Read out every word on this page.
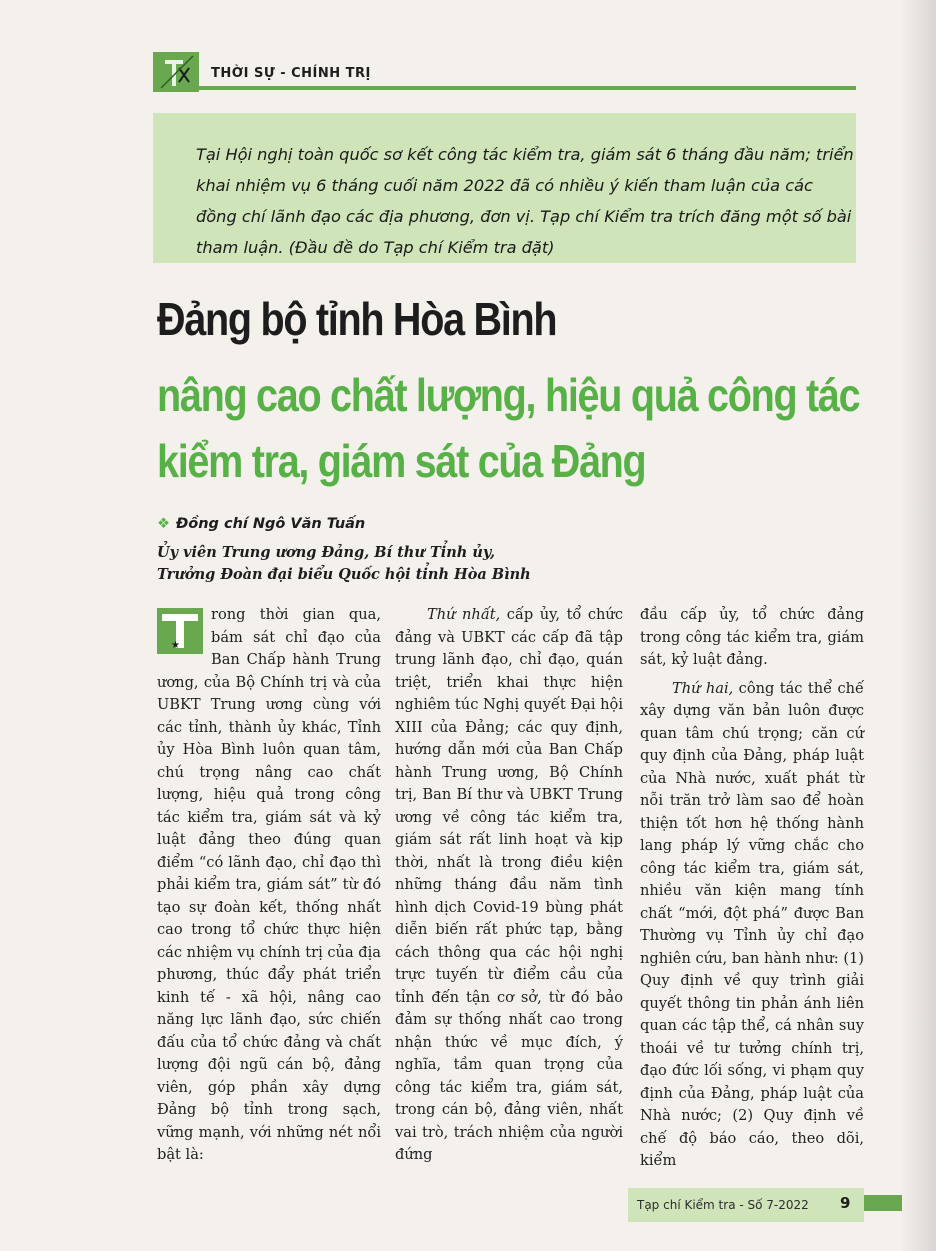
THỜI SỰ - CHÍNH TRỊ

Tại Hội nghị toàn quốc sơ kết công tác kiểm tra, giám sát 6 tháng đầu năm; triển khai nhiệm vụ 6 tháng cuối năm 2022 đã có nhiều ý kiến tham luận của các đồng chí lãnh đạo các địa phương, đơn vị. Tạp chí Kiểm tra trích đăng một số bài tham luận. (Đầu đề do Tạp chí Kiểm tra đặt)

Đảng bộ tỉnh Hòa Bình
nâng cao chất lượng, hiệu quả công tác
kiểm tra, giám sát của Đảng
❖ Đồng chí Ngô Văn Tuấn
Ủy viên Trung ương Đảng, Bí thư Tỉnh ủy,
Trưởng Đoàn đại biểu Quốc hội tỉnh Hòa Bình
★

rong thời gian qua, bám sát chỉ đạo của Ban Chấp hành Trung ương, của Bộ Chính trị và của UBKT Trung ương cùng với các tỉnh, thành ủy khác, Tỉnh ủy Hòa Bình luôn quan tâm, chú trọng nâng cao chất lượng, hiệu quả trong công tác kiểm tra, giám sát và kỷ luật đảng theo đúng quan điểm “có lãnh đạo, chỉ đạo thì phải kiểm tra, giám sát” từ đó tạo sự đoàn kết, thống nhất cao trong tổ chức thực hiện các nhiệm vụ chính trị của địa phương, thúc đẩy phát triển kinh tế - xã hội, nâng cao năng lực lãnh đạo, sức chiến đấu của tổ chức đảng và chất lượng đội ngũ cán bộ, đảng viên, góp phần xây dựng Đảng bộ tỉnh trong sạch, vững mạnh, với những nét nổi bật là:

Thứ nhất, cấp ủy, tổ chức đảng và UBKT các cấp đã tập trung lãnh đạo, chỉ đạo, quán triệt, triển khai thực hiện nghiêm túc Nghị quyết Đại hội XIII của Đảng; các quy định, hướng dẫn mới của Ban Chấp hành Trung ương, Bộ Chính trị, Ban Bí thư và UBKT Trung ương về công tác kiểm tra, giám sát rất linh hoạt và kịp thời, nhất là trong điều kiện những tháng đầu năm tình hình dịch Covid-19 bùng phát diễn biến rất phức tạp, bằng cách thông qua các hội nghị trực tuyến từ điểm cầu của tỉnh đến tận cơ sở, từ đó bảo đảm sự thống nhất cao trong nhận thức về mục đích, ý nghĩa, tầm quan trọng của công tác kiểm tra, giám sát, trong cán bộ, đảng viên, nhất vai trò, trách nhiệm của người đứng

đầu cấp ủy, tổ chức đảng trong công tác kiểm tra, giám sát, kỷ luật đảng.

Thứ hai, công tác thể chế xây dựng văn bản luôn được quan tâm chú trọng; căn cứ quy định của Đảng, pháp luật của Nhà nước, xuất phát từ nỗi trăn trở làm sao để hoàn thiện tốt hơn hệ thống hành lang pháp lý vững chắc cho công tác kiểm tra, giám sát, nhiều văn kiện mang tính chất “mới, đột phá” được Ban Thường vụ Tỉnh ủy chỉ đạo nghiên cứu, ban hành như: (1) Quy định về quy trình giải quyết thông tin phản ánh liên quan các tập thể, cá nhân suy thoái về tư tưởng chính trị, đạo đức lối sống, vi phạm quy định của Đảng, pháp luật của Nhà nước; (2) Quy định về chế độ báo cáo, theo dõi, kiểm

Tạp chí Kiểm tra - Số 7-2022 9
